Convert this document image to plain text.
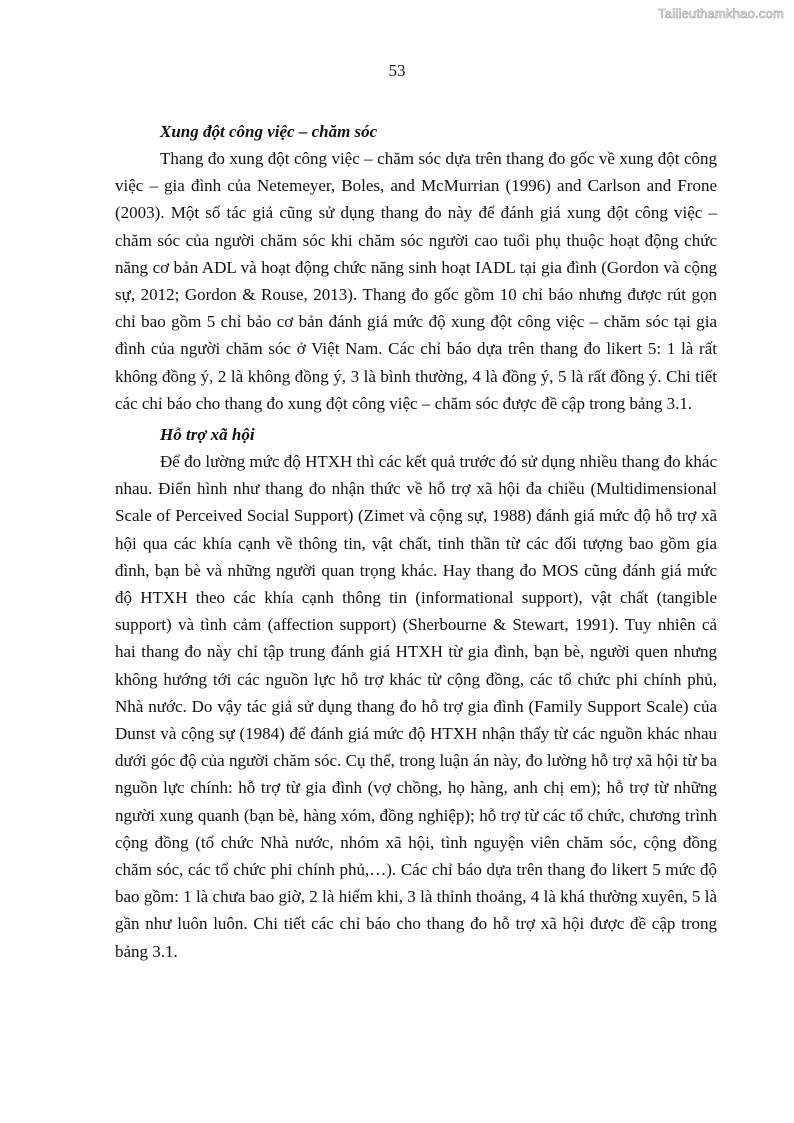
Tailieuthamkhao.com
53
Xung đột công việc – chăm sóc

Thang đo xung đột công việc – chăm sóc dựa trên thang đo gốc về xung đột công việc – gia đình của Netemeyer, Boles, and McMurrian (1996) and Carlson and Frone (2003). Một số tác giả cũng sử dụng thang đo này để đánh giá xung đột công việc – chăm sóc của người chăm sóc khi chăm sóc người cao tuổi phụ thuộc hoạt động chức năng cơ bản ADL và hoạt động chức năng sinh hoạt IADL tại gia đình (Gordon và cộng sự, 2012; Gordon & Rouse, 2013). Thang đo gốc gồm 10 chỉ báo nhưng được rút gọn chỉ bao gồm 5 chỉ bảo cơ bản đánh giá mức độ xung đột công việc – chăm sóc tại gia đình của người chăm sóc ở Việt Nam. Các chỉ báo dựa trên thang đo likert 5: 1 là rất không đồng ý, 2 là không đồng ý, 3 là bình thường, 4 là đồng ý, 5 là rất đồng ý. Chi tiết các chỉ báo cho thang đo xung đột công việc – chăm sóc được đề cập trong bảng 3.1.

Hỗ trợ xã hội

Để đo lường mức độ HTXH thì các kết quả trước đó sử dụng nhiều thang đo khác nhau. Điển hình như thang đo nhận thức về hỗ trợ xã hội đa chiều (Multidimensional Scale of Perceived Social Support) (Zimet và cộng sự, 1988) đánh giá mức độ hỗ trợ xã hội qua các khía cạnh về thông tin, vật chất, tinh thần từ các đối tượng bao gồm gia đình, bạn bè và những người quan trọng khác. Hay thang đo MOS cũng đánh giá mức độ HTXH theo các khía cạnh thông tin (informational support), vật chất (tangible support) và tình cảm (affection support) (Sherbourne & Stewart, 1991). Tuy nhiên cả hai thang đo này chỉ tập trung đánh giá HTXH từ gia đình, bạn bè, người quen nhưng không hướng tới các nguồn lực hỗ trợ khác từ cộng đồng, các tổ chức phi chính phủ, Nhà nước. Do vậy tác giả sử dụng thang đo hỗ trợ gia đình (Family Support Scale) của Dunst và cộng sự (1984) để đánh giá mức độ HTXH nhận thấy từ các nguồn khác nhau dưới góc độ của người chăm sóc. Cụ thể, trong luận án này, đo lường hỗ trợ xã hội từ ba nguồn lực chính: hỗ trợ từ gia đình (vợ chồng, họ hàng, anh chị em); hỗ trợ từ những người xung quanh (bạn bè, hàng xóm, đồng nghiệp); hỗ trợ từ các tổ chức, chương trình cộng đồng (tổ chức Nhà nước, nhóm xã hội, tình nguyện viên chăm sóc, cộng đồng chăm sóc, các tổ chức phi chính phủ,…). Các chỉ báo dựa trên thang đo likert 5 mức độ bao gồm: 1 là chưa bao giờ, 2 là hiếm khi, 3 là thỉnh thoảng, 4 là khá thường xuyên, 5 là gần như luôn luôn. Chi tiết các chỉ báo cho thang đo hỗ trợ xã hội được đề cập trong bảng 3.1.
